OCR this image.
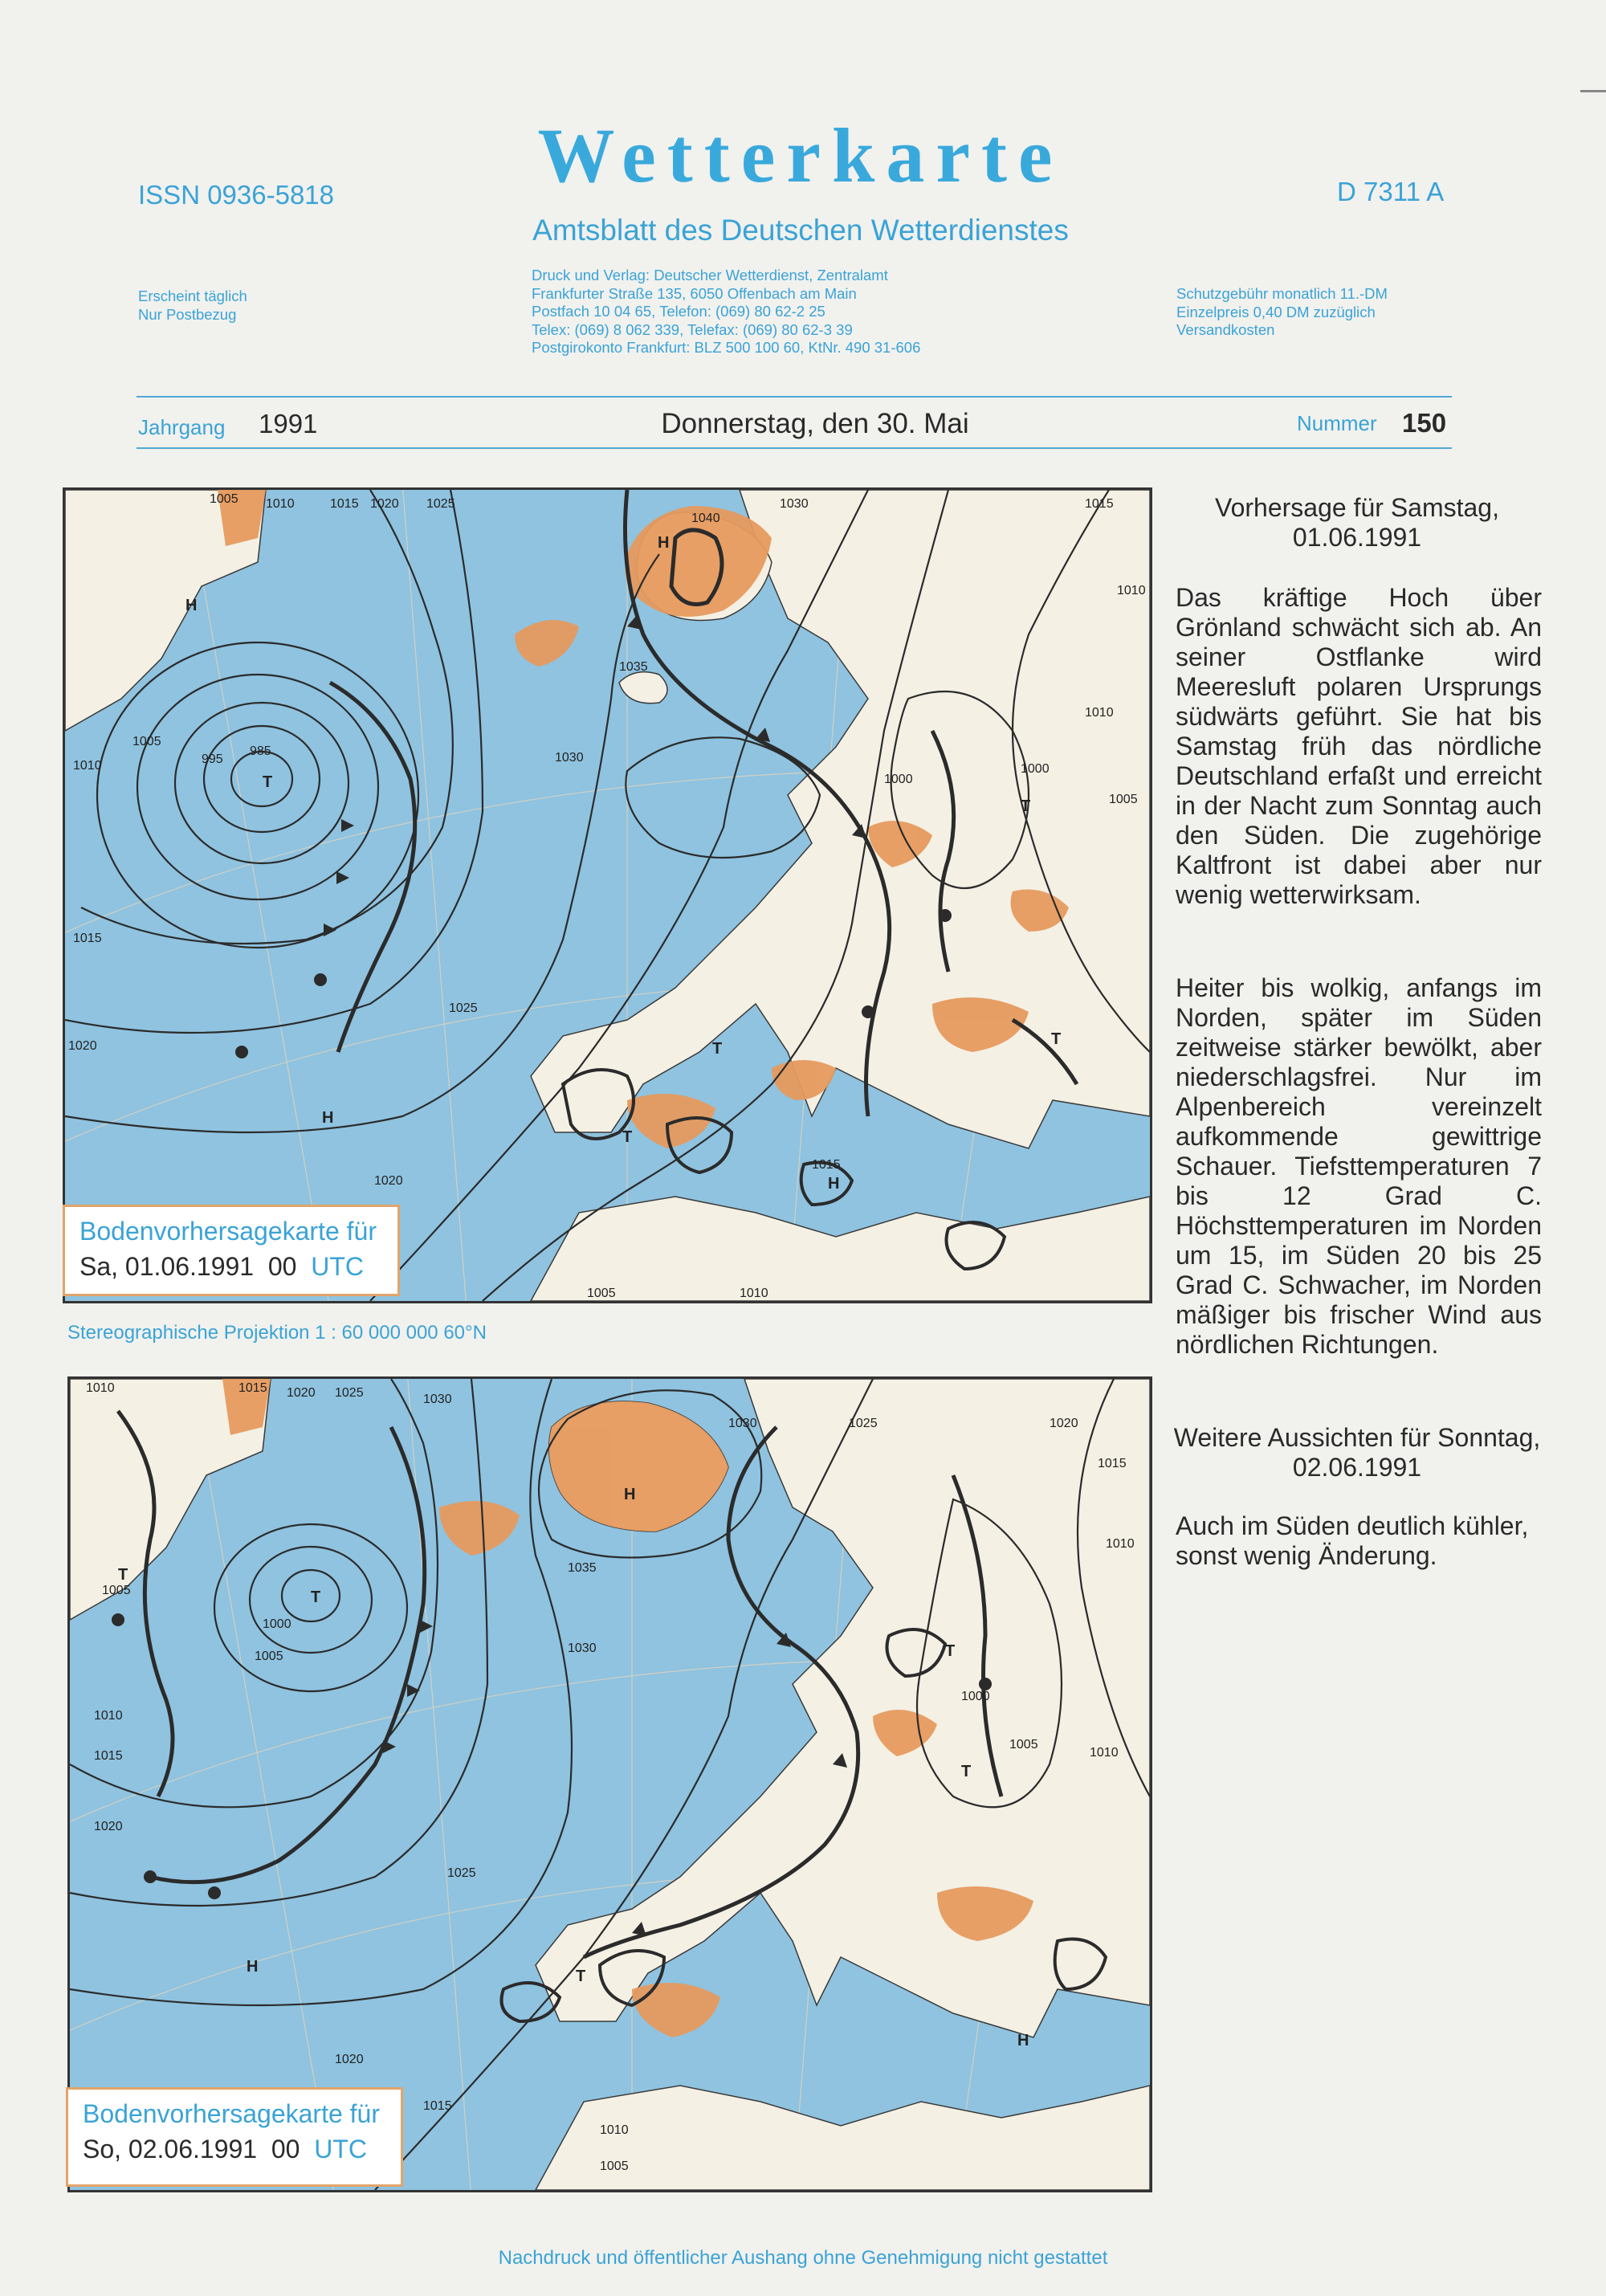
ISSN 0936-5818	Wetterkarte	D 7311 A
Amtsblatt des Deutschen Wetterdienstes
Erscheint täglich
Nur Postbezug
Druck und Verlag: Deutscher Wetterdienst, Zentralamt
Frankfurter Straße 135, 6050 Offenbach am Main
Postfach 10 04 65, Telefon: (069) 80 62-2 25
Telex: (069) 8 062 339, Telefax: (069) 80 62-3 39
Postgirokonto Frankfurt: BLZ 500 100 60, KtNr. 490 31-606
Schutzgebühr monatlich 11.-DM
Einzelpreis 0,40 DM zuzüglich
Versandkosten
Jahrgang 1991	Donnerstag, den 30. Mai	Nummer 150
1005 1010	1015 1020 1025	1030
1035
1040
985
995
1000
1005
1010
1015
1020
1025
1030
1015
1020
1010
1000
1005
1010
1015
1005	1010
H
T
T
T
T
T
H
H
H
Bodenvorhersagekarte für
Sa, 01.06.1991 00 UTC
Stereographische Projektion 1 : 60 000 000 60°N
1010	1015 1020 1025	1030
1030
1035
1030
1025	1020
1015
1010
1005
1000
1005
1010
1015
1020
1025
1000
1005
1010
1020
1015
1010
1005
H
T
T
T
T
T
H
H
Bodenvorhersagekarte für
So, 02.06.1991 00 UTC
Vorhersage für Samstag, 01.06.1991
Das kräftige Hoch über Grönland schwächt sich ab. An seiner Ostflanke wird Meeresluft polaren Ursprungs südwärts geführt. Sie hat bis Samstag früh das nördliche Deutschland erfaßt und erreicht in der Nacht zum Sonntag auch den Süden. Die zugehörige Kaltfront ist dabei aber nur wenig wetterwirksam.
Heiter bis wolkig, anfangs im Norden, später im Süden zeitweise stärker bewölkt, aber niederschlagsfrei. Nur im Alpenbereich vereinzelt aufkommende gewittrige Schauer. Tiefsttemperaturen 7 bis 12 Grad C. Höchsttemperaturen im Norden um 15, im Süden 20 bis 25 Grad C. Schwacher, im Norden mäßiger bis frischer Wind aus nördlichen Richtungen.
Weitere Aussichten für Sonntag, 02.06.1991
Auch im Süden deutlich kühler, sonst wenig Änderung.
Nachdruck und öffentlicher Aushang ohne Genehmigung nicht gestattet
